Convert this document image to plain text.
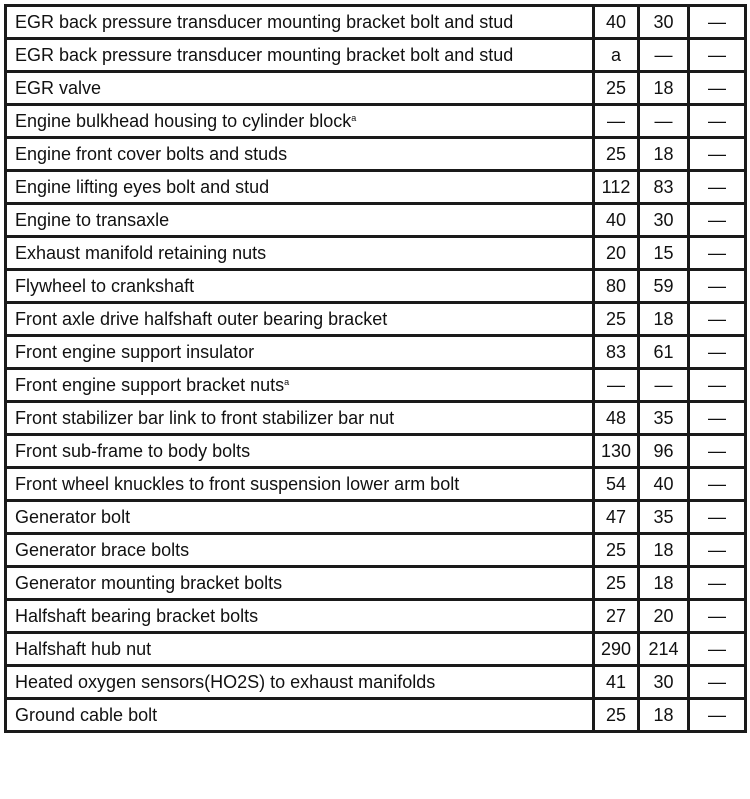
EGR back pressure transducer mounting bracket bolt and stud	40	30	—
EGR back pressure transducer mounting bracket bolt and stud	a	—	—
EGR valve	25	18	—
Engine bulkhead housing to cylinder block$^a$	—	—	—
Engine front cover bolts and studs	25	18	—
Engine lifting eyes bolt and stud	112	83	—
Engine to transaxle	40	30	—
Exhaust manifold retaining nuts	20	15	—
Flywheel to crankshaft	80	59	—
Front axle drive halfshaft outer bearing bracket	25	18	—
Front engine support insulator	83	61	—
Front engine support bracket nuts$^a$	—	—	—
Front stabilizer bar link to front stabilizer bar nut	48	35	—
Front sub-frame to body bolts	130	96	—
Front wheel knuckles to front suspension lower arm bolt	54	40	—
Generator bolt	47	35	—
Generator brace bolts	25	18	—
Generator mounting bracket bolts	25	18	—
Halfshaft bearing bracket bolts	27	20	—
Halfshaft hub nut	290	214	—
Heated oxygen sensors(HO2S) to exhaust manifolds	41	30	—
Ground cable bolt	25	18	—
